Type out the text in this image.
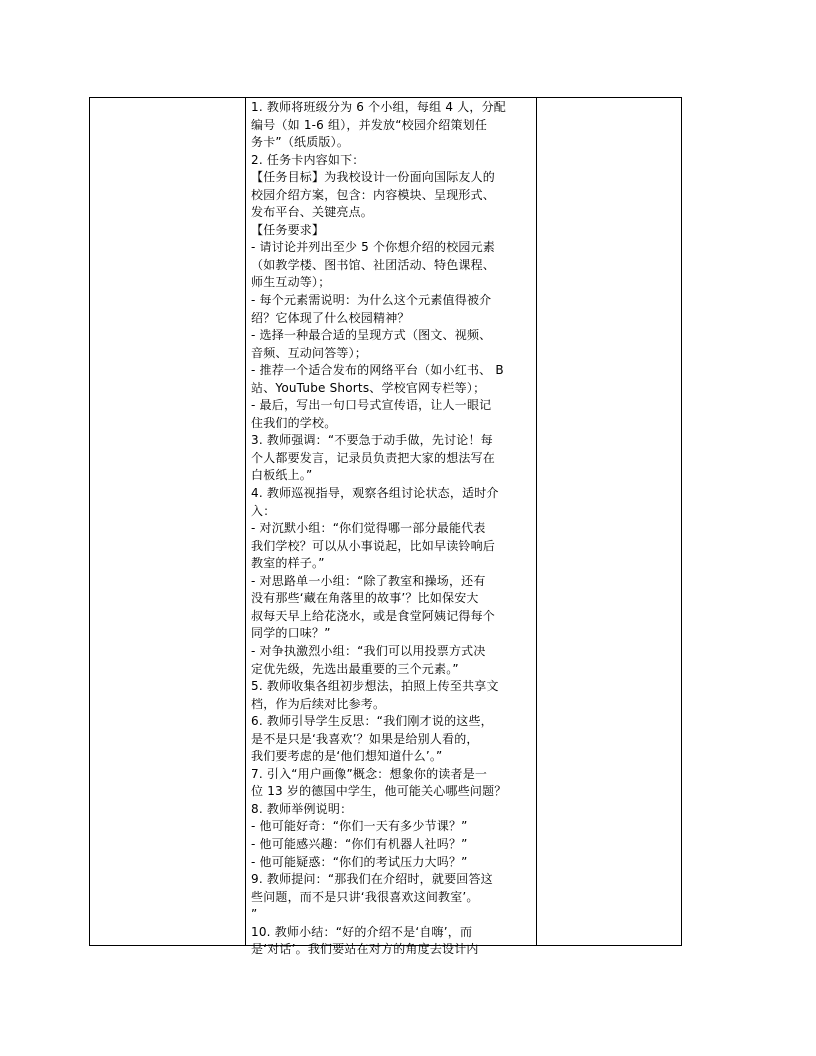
1. 教师将班级分为 6 个小组，每组 4 人，分配
编号（如 1-6 组），并发放“校园介绍策划任
务卡”（纸质版）。
2. 任务卡内容如下：
【任务目标】为我校设计一份面向国际友人的
校园介绍方案，包含：内容模块、呈现形式、
发布平台、关键亮点。
【任务要求】
- 请讨论并列出至少 5 个你想介绍的校园元素
（如教学楼、图书馆、社团活动、特色课程、
师生互动等）；
- 每个元素需说明：为什么这个元素值得被介
绍？它体现了什么校园精神？
- 选择一种最合适的呈现方式（图文、视频、
音频、互动问答等）；
- 推荐一个适合发布的网络平台（如小红书、 B
站、YouTube Shorts、学校官网专栏等）；
- 最后，写出一句口号式宣传语，让人一眼记
住我们的学校。
3. 教师强调：“不要急于动手做，先讨论！每
个人都要发言，记录员负责把大家的想法写在
白板纸上。”
4. 教师巡视指导，观察各组讨论状态，适时介
入：
- 对沉默小组：“你们觉得哪一部分最能代表
我们学校？可以从小事说起，比如早读铃响后
教室的样子。”
- 对思路单一小组：“除了教室和操场，还有
没有那些‘藏在角落里的故事’？比如保安大
叔每天早上给花浇水，或是食堂阿姨记得每个
同学的口味？”
- 对争执激烈小组：“我们可以用投票方式决
定优先级，先选出最重要的三个元素。”
5. 教师收集各组初步想法，拍照上传至共享文
档，作为后续对比参考。
6. 教师引导学生反思：“我们刚才说的这些，
是不是只是‘我喜欢’？如果是给别人看的，
我们要考虑的是‘他们想知道什么’。”
7. 引入“用户画像”概念：想象你的读者是一
位 13 岁的德国中学生，他可能关心哪些问题？
8. 教师举例说明：
- 他可能好奇：“你们一天有多少节课？”
- 他可能感兴趣：“你们有机器人社吗？”
- 他可能疑惑：“你们的考试压力大吗？”
9. 教师提问：“那我们在介绍时，就要回答这
些问题，而不是只讲‘我很喜欢这间教室’。
”
10. 教师小结：“好的介绍不是‘自嗨’，而
是‘对话’。我们要站在对方的角度去设计内
